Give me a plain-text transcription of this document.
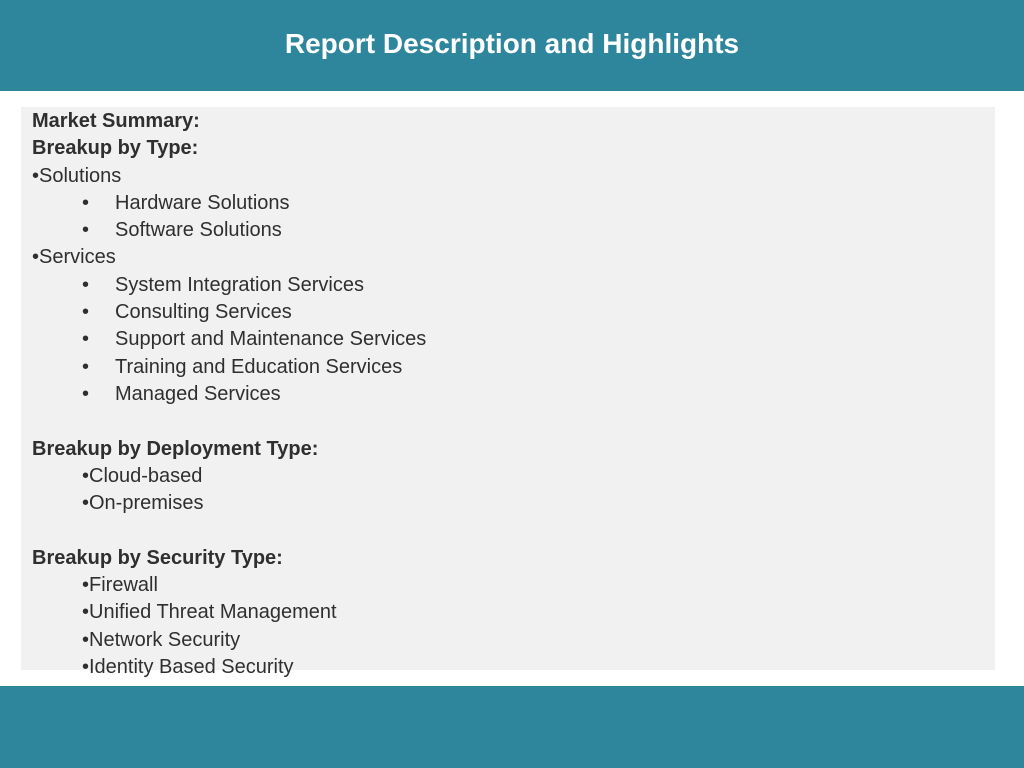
Report Description and Highlights
Market Summary:
Breakup by Type:
•Solutions
• Hardware Solutions
• Software Solutions
•Services
• System Integration Services
• Consulting Services
• Support and Maintenance Services
• Training and Education Services
• Managed Services
Breakup by Deployment Type:
•Cloud-based
•On-premises
Breakup by Security Type:
•Firewall
•Unified Threat Management
•Network Security
•Identity Based Security
